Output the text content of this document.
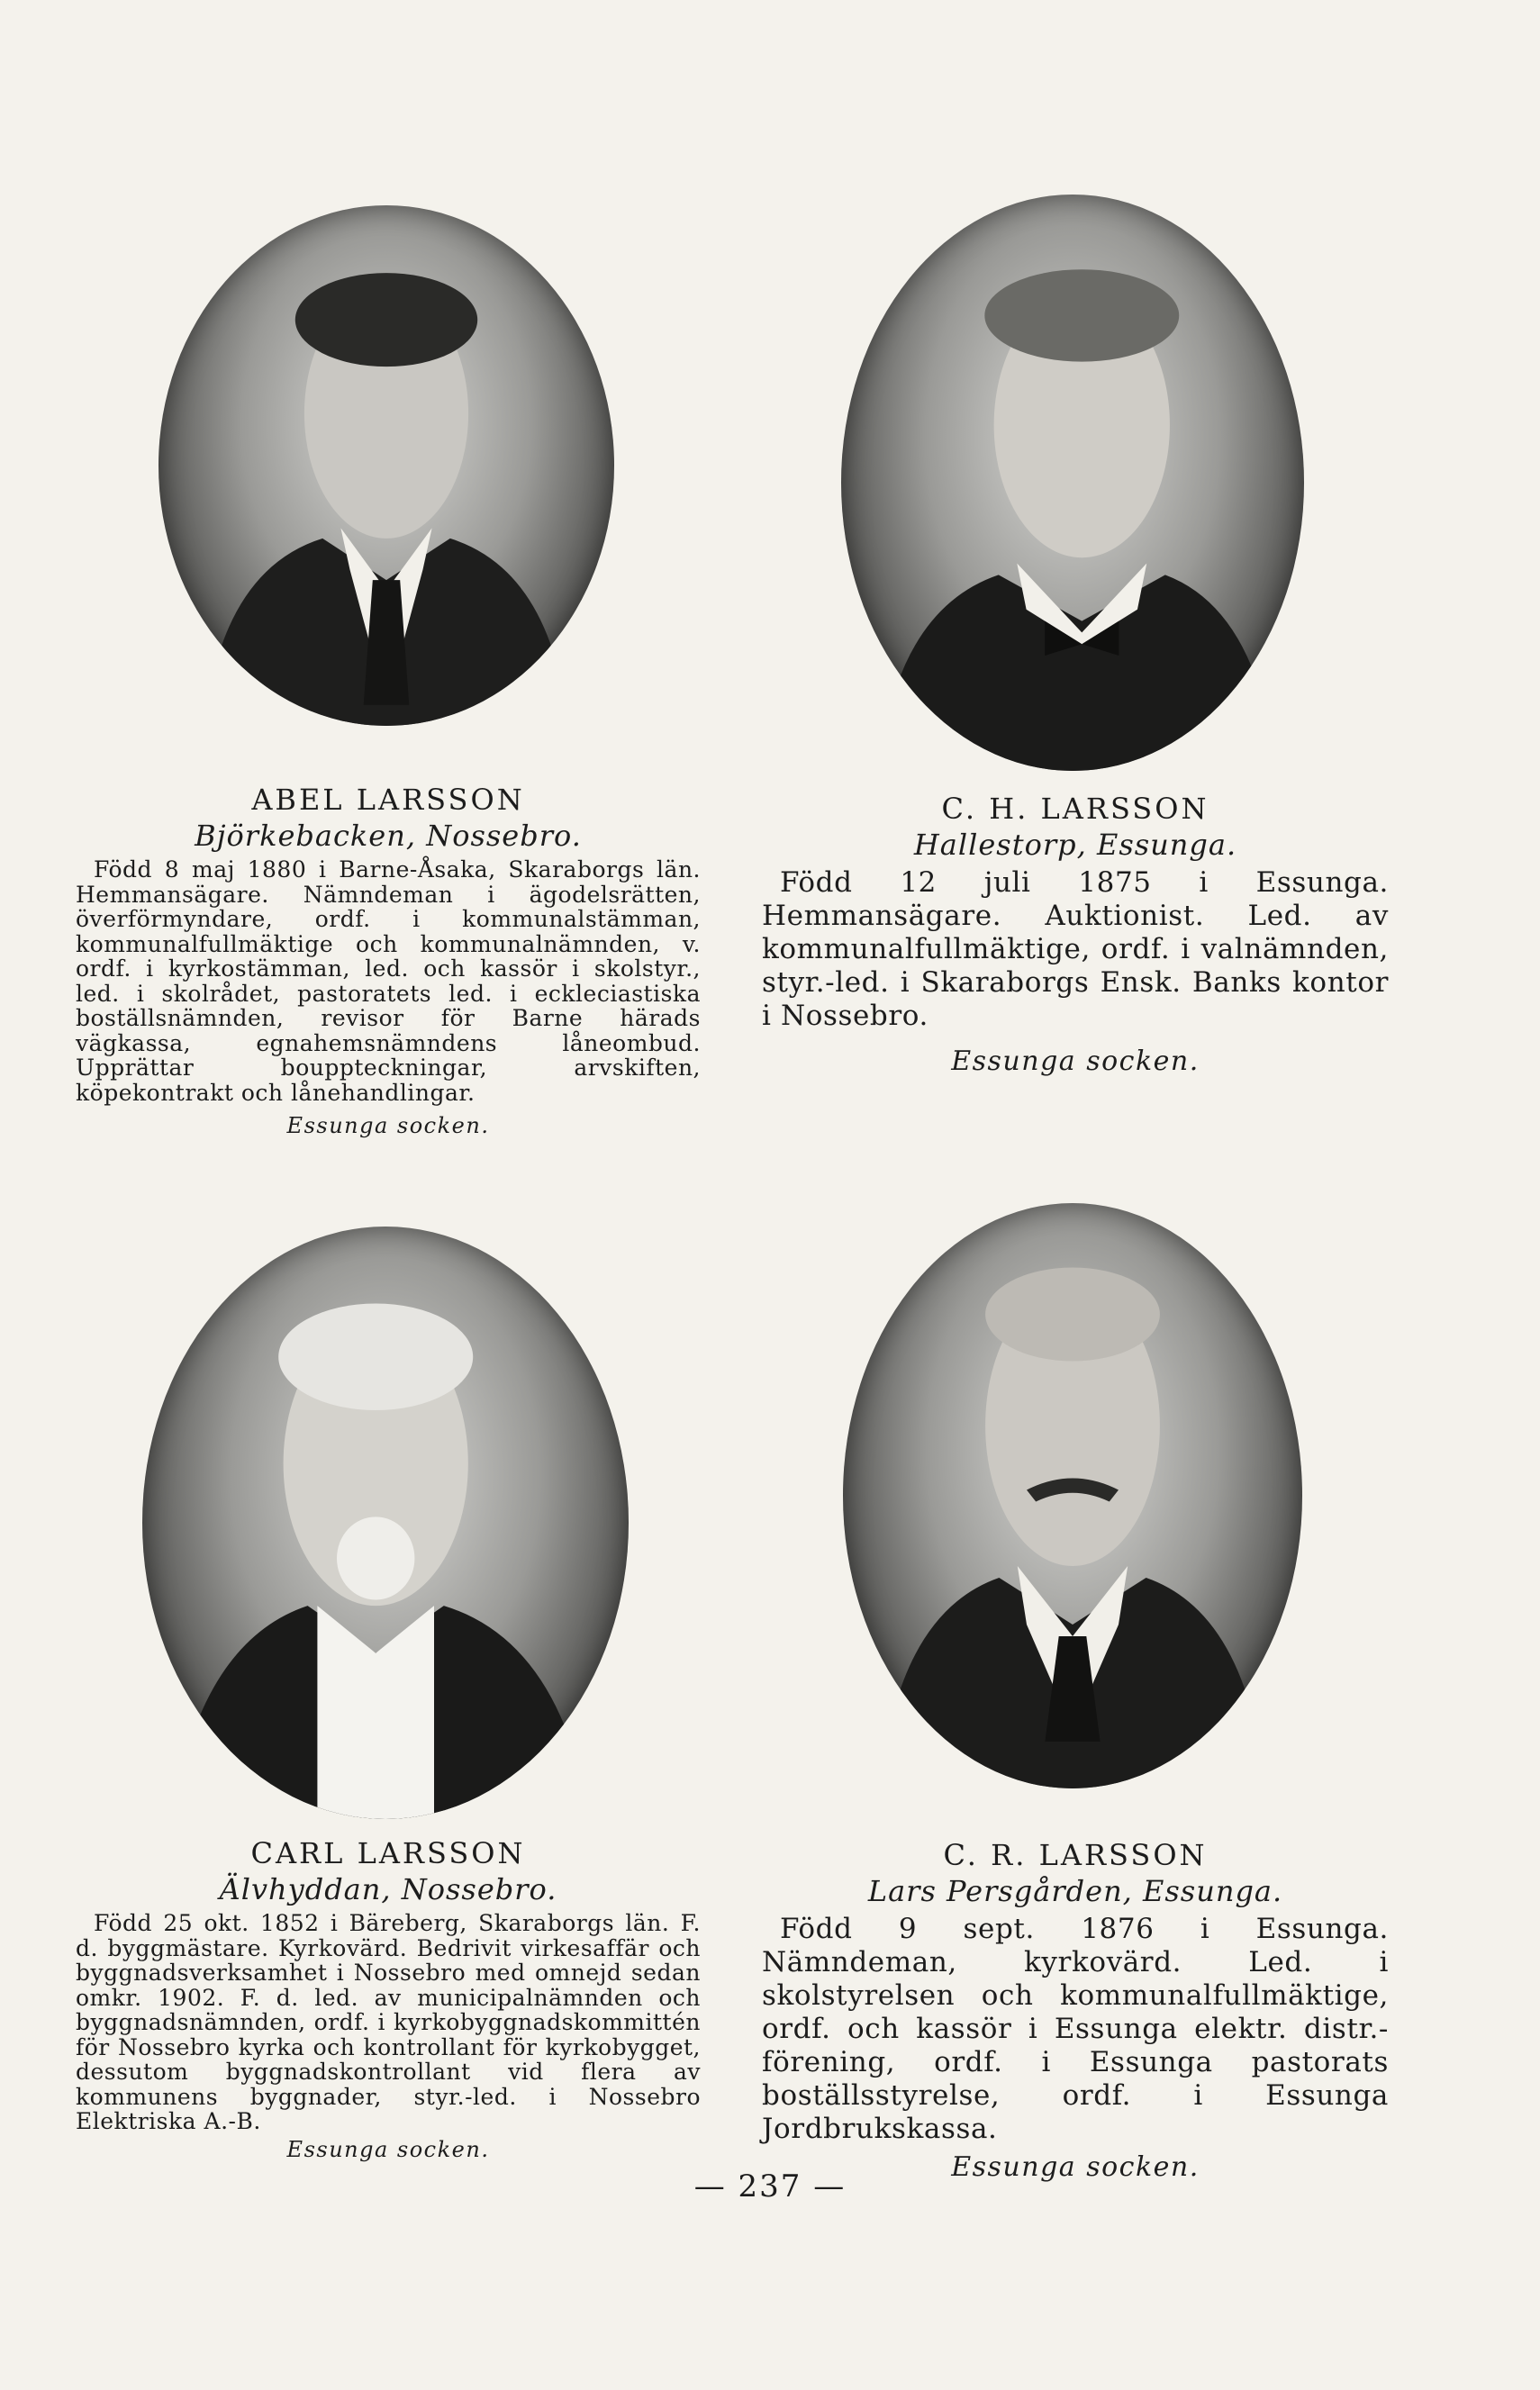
ABEL LARSSON

Björkebacken, Nossebro.

Född 8 maj 1880 i Barne-Åsaka, Skaraborgs län. Hemmansägare. Nämndeman i ägodelsrätten, överförmyndare, ordf. i kommunalstämman, kommunalfullmäktige och kommunalnämnden, v. ordf. i kyrkostämman, led. och kassör i skolstyr., led. i skolrådet, pastoratets led. i eckleciastiska boställsnämnden, revisor för Barne härads vägkassa, egnahemsnämndens låneombud. Upprättar bouppteckningar, arvskiften, köpekontrakt och lånehandlingar.

Essunga socken.

C. H. LARSSON

Hallestorp, Essunga.

Född 12 juli 1875 i Essunga. Hemmansägare. Auktionist. Led. av kommunalfullmäktige, ordf. i valnämnden, styr.-led. i Skaraborgs Ensk. Banks kontor i Nossebro.

Essunga socken.

CARL LARSSON

Älvhyddan, Nossebro.

Född 25 okt. 1852 i Bäreberg, Skaraborgs län. F. d. byggmästare. Kyrkovärd. Bedrivit virkesaffär och byggnadsverksamhet i Nossebro med omnejd sedan omkr. 1902. F. d. led. av municipalnämnden och byggnadsnämnden, ordf. i kyrkobyggnadskommittén för Nossebro kyrka och kontrollant för kyrkobygget, dessutom byggnadskontrollant vid flera av kommunens byggnader, styr.-led. i Nossebro Elektriska A.-B.

Essunga socken.

C. R. LARSSON

Lars Persgården, Essunga.

Född 9 sept. 1876 i Essunga. Nämndeman, kyrkovärd. Led. i skolstyrelsen och kommunalfullmäktige, ordf. och kassör i Essunga elektr. distr.-förening, ordf. i Essunga pastorats boställsstyrelse, ordf. i Essunga Jordbrukskassa.

Essunga socken.

— 237 —
